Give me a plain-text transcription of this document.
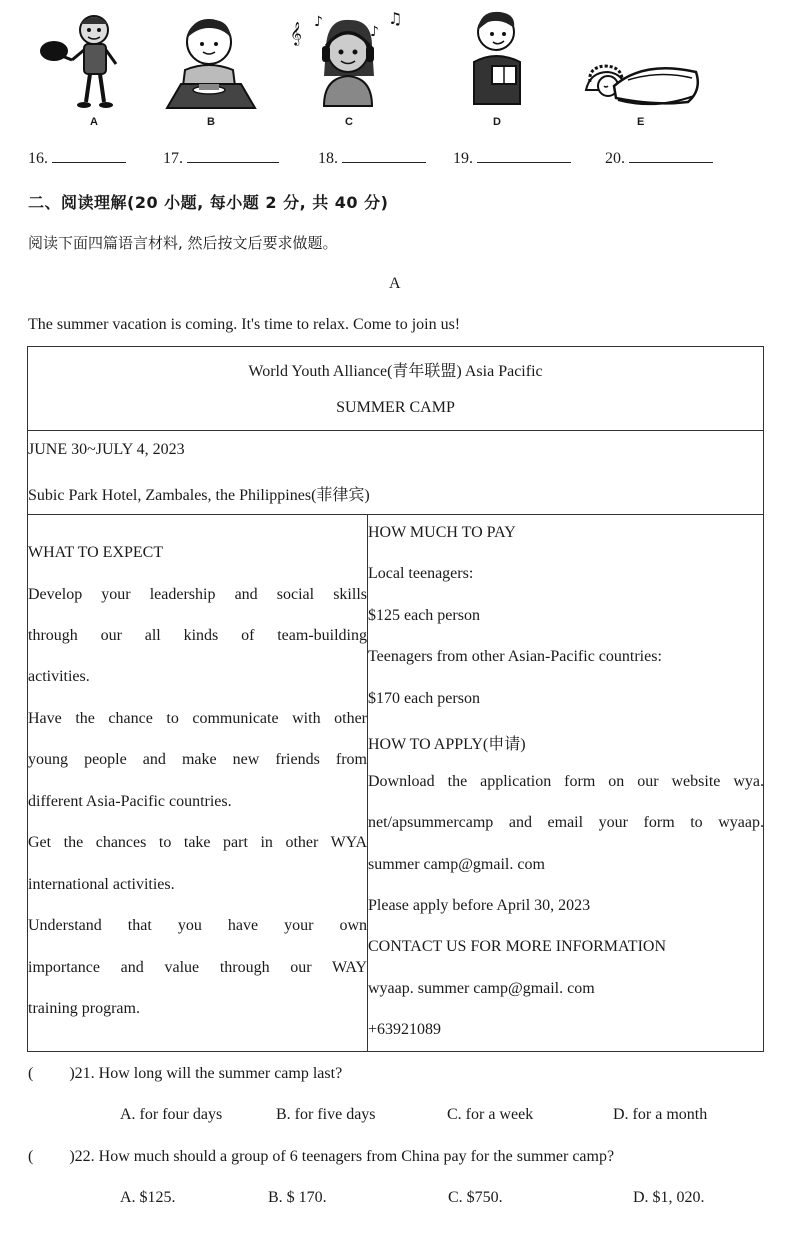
A	B
𝄞 ♪
♪
♫
C	D	E
16.	17.	18.	19.	20.
二、阅读理解(20 小题, 每小题 2 分, 共 40 分)
阅读下面四篇语言材料, 然后按文后要求做题。
A
The summer vacation is coming. It's time to relax. Come to join us!
World Youth Alliance(青年联盟) Asia Pacific
SUMMER CAMP
JUNE 30~JULY 4, 2023
Subic Park Hotel, Zambales, the Philippines(菲律宾)
WHAT TO EXPECT
Develop your leadership and social skills
through our all kinds of team-building
activities.
Have the chance to communicate with other
young people and make new friends from
different Asia-Pacific countries.
Get the chances to take part in other WYA
international activities.
Understand that you have your own
importance and value through our WAY
training program.
HOW MUCH TO PAY
Local teenagers:
$125 each person
Teenagers from other Asian-Pacific countries:
$170 each person
HOW TO APPLY(申请)
Download the application form on our website wya.
net/apsummercamp and email your form to wyaap.
summer camp@gmail. com
Please apply before April 30, 2023
CONTACT US FOR MORE INFORMATION
wyaap. summer camp@gmail. com
+63921089
( )21. How long will the summer camp last?
A. for four days	B. for five days	C. for a week	D. for a month
( )22. How much should a group of 6 teenagers from China pay for the summer camp?
A. $125.	B. $ 170.	C. $750.	D. $1, 020.
